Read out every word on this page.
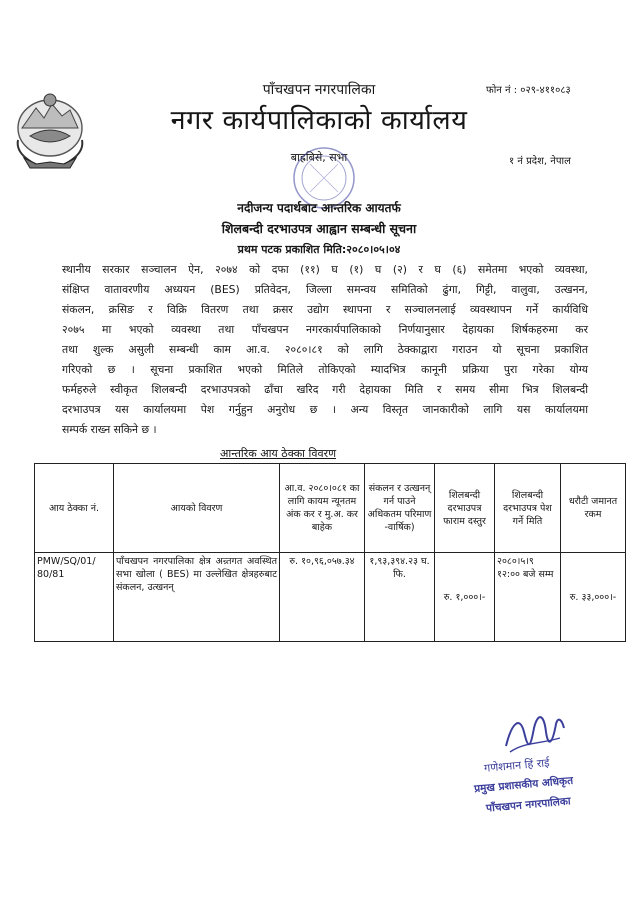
पाँचखपन नगरपालिका	फोन नं : ०२९-४११०८३
नगर कार्यपालिकाको कार्यालय
बाह्रबिसे, सभा	१ नं प्रदेश, नेपाल
नदीजन्य पदार्थबाट आन्तरिक आयतर्फ
शिलबन्दी दरभाउपत्र आह्वान सम्बन्धी सूचना
प्रथम पटक प्रकाशित मिति:२०८०।०५।०४
स्थानीय सरकार सञ्चालन ऐन, २०७४ को दफा (११) घ (१) घ (२) र घ (६) समेतमा भएको व्यवस्था,
संक्षिप्त वातावरणीय अध्ययन (BES) प्रतिवेदन, जिल्ला समन्वय समितिको ढुंगा, गिट्टी, वालुवा, उत्खनन,
संकलन, क्रसिङ र विक्रि वितरण तथा क्रसर उद्योग स्थापना र सञ्चालनलाई व्यवस्थापन गर्ने कार्यविधि
२०७५ मा भएको व्यवस्था तथा पाँचखपन नगरकार्यपालिकाको निर्णयानुसार देहायका शिर्षकहरुमा कर
तथा शुल्क असुली सम्बन्धी काम आ.व. २०८०।८१ को लागि ठेक्काद्वारा गराउन यो सूचना प्रकाशित
गरिएको छ । सूचना प्रकाशित भएको मितिले तोकिएको म्यादभित्र कानूनी प्रक्रिया पुरा गरेका योग्य
फर्महरुले स्वीकृत शिलबन्दी दरभाउपत्रको ढाँचा खरिद गरी देहायका मिति र समय सीमा भित्र शिलबन्दी
दरभाउपत्र यस कार्यालयमा पेश गर्नुहुन अनुरोध छ । अन्य विस्तृत जानकारीको लागि यस कार्यालयमा
सम्पर्क राख्न सकिने छ ।
आन्तरिक आय ठेक्का विवरण
आय ठेक्का नं.	आयको विवरण	आ.व. २०८०।०८१ का लागि कायम न्यूनतम अंक कर र मु.अ. कर बाहेक	संकलन र उत्खनन् गर्न पाउने अधिकतम परिमाण -वार्षिक)	शिलबन्दी दरभाउपत्र फाराम दस्तुर	शिलबन्दी दरभाउपत्र पेश गर्ने मिति	धरौटी जमानत रकम
PMW/SQ/01/ 80/81	पाँचखपन नगरपालिका क्षेत्र अन्र्तगत अवस्थित सभा खोला ( BES) मा उल्लेखित क्षेत्रहरुबाट संकलन, उत्खनन्	रु. १०,९६,०५७.३४	१,९३,३९४.२३ घ. फि.	रु. १,०००।-	२०८०।५।९ १२:०० बजे सम्म	रु. ३३,०००।-
गणेशमान हिं राई
प्रमुख प्रशासकीय अधिकृत
पाँचखपन नगरपालिका
